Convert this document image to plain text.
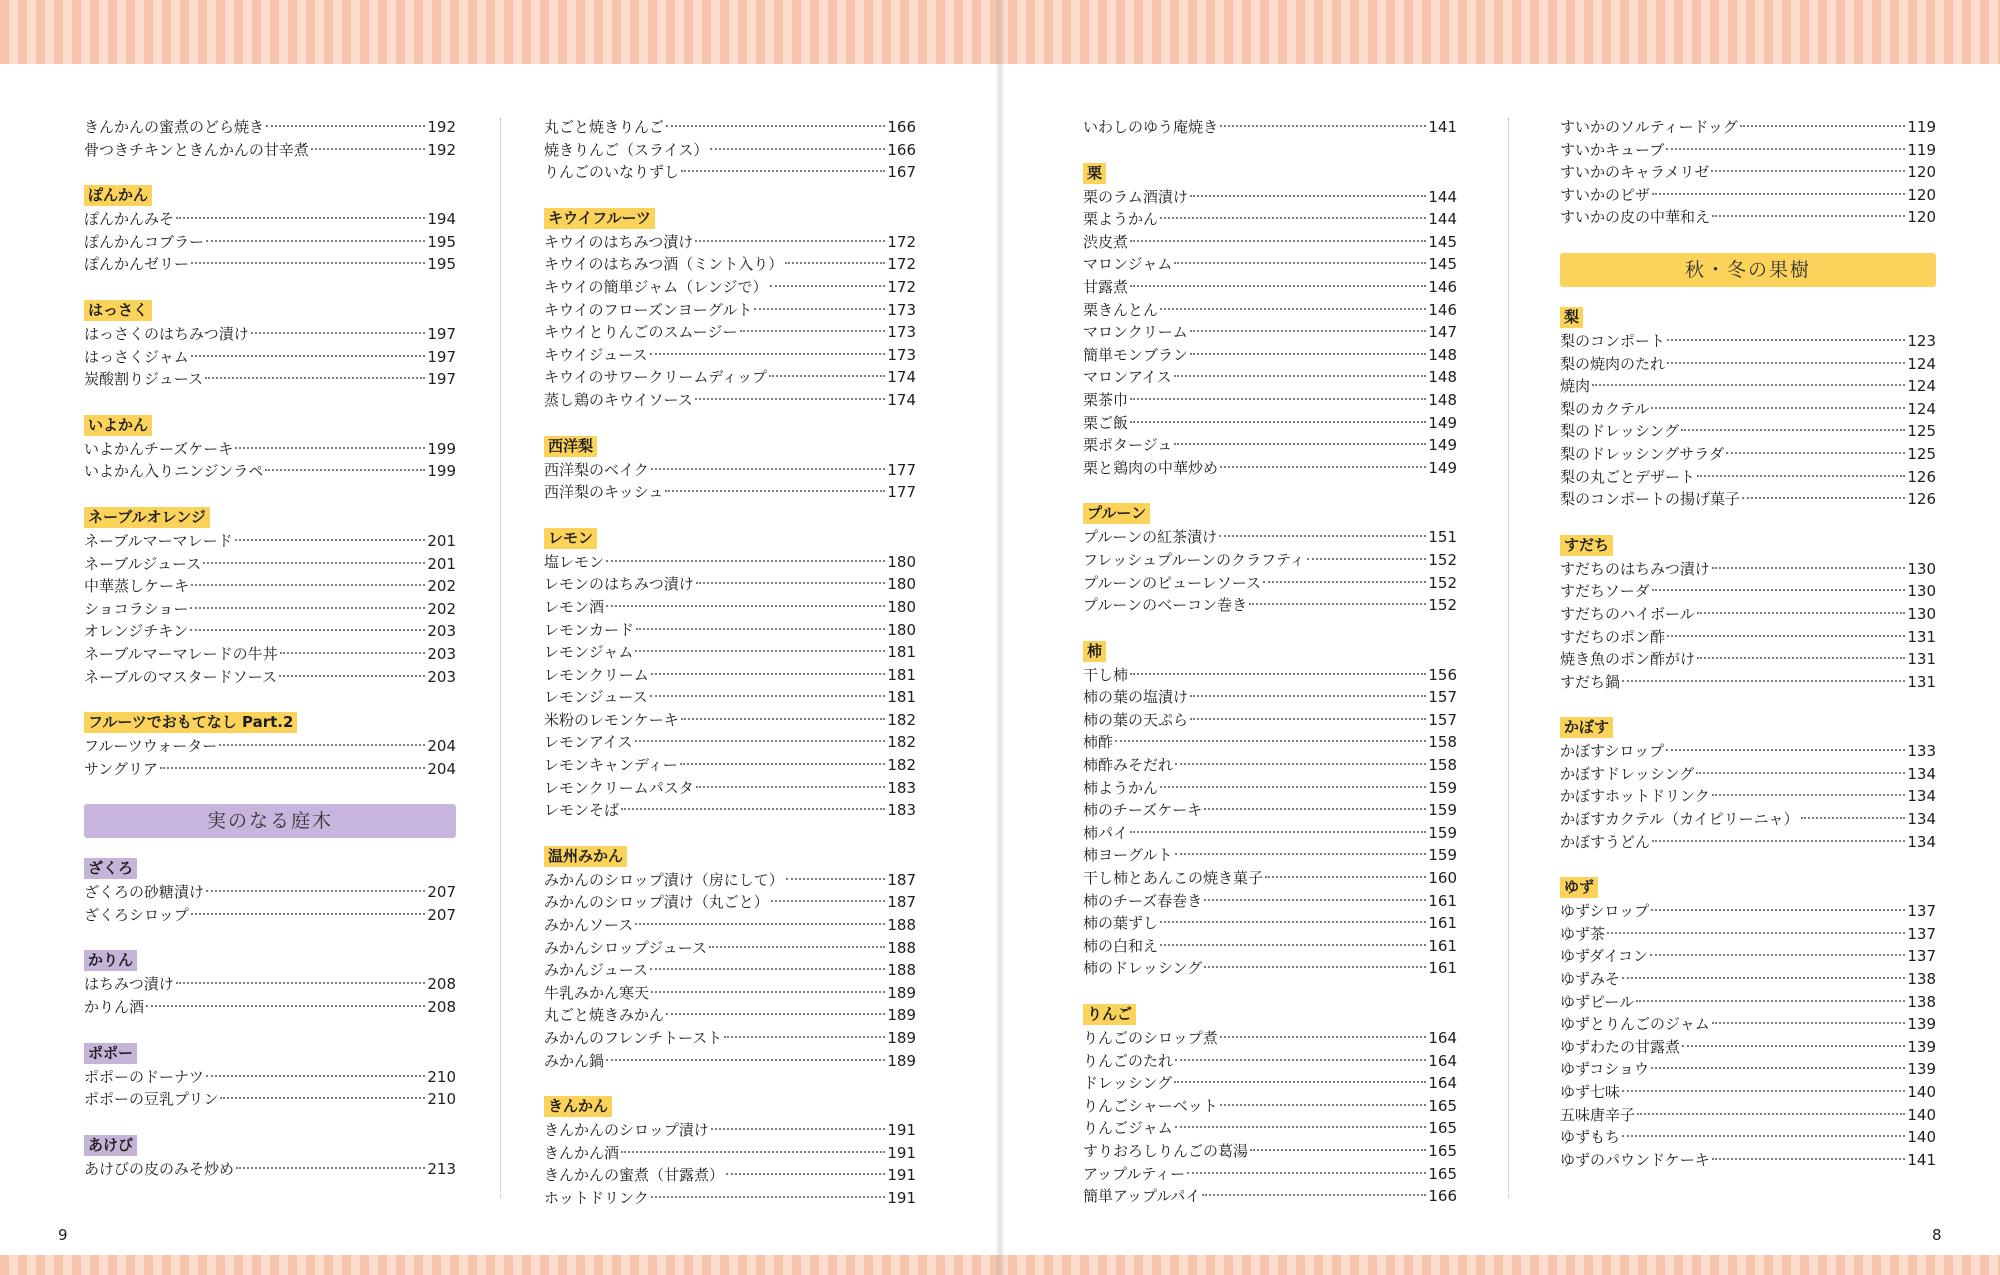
きんかんの蜜煮のどら焼き	192
骨つきチキンときんかんの甘辛煮	192
ぽんかん
ぽんかんみそ	194
ぽんかんコブラー	195
ぽんかんゼリー	195
はっさく
はっさくのはちみつ漬け	197
はっさくジャム	197
炭酸割りジュース	197
いよかん
いよかんチーズケーキ	199
いよかん入りニンジンラペ	199
ネーブルオレンジ
ネーブルマーマレード	201
ネーブルジュース	201
中華蒸しケーキ	202
ショコラショー	202
オレンジチキン	203
ネーブルマーマレードの牛丼	203
ネーブルのマスタードソース	203
フルーツでおもてなし Part.2
フルーツウォーター	204
サングリア	204
実のなる庭木
ざくろ
ざくろの砂糖漬け	207
ざくろシロップ	207
かりん
はちみつ漬け	208
かりん酒	208
ポポー
ポポーのドーナツ	210
ポポーの豆乳プリン	210
あけび
あけびの皮のみそ炒め	213
丸ごと焼きりんご	166
焼きりんご（スライス）	166
りんごのいなりずし	167
キウイフルーツ
キウイのはちみつ漬け	172
キウイのはちみつ酒（ミント入り）	172
キウイの簡単ジャム（レンジで）	172
キウイのフローズンヨーグルト	173
キウイとりんごのスムージー	173
キウイジュース	173
キウイのサワークリームディップ	174
蒸し鶏のキウイソース	174
西洋梨
西洋梨のベイク	177
西洋梨のキッシュ	177
レモン
塩レモン	180
レモンのはちみつ漬け	180
レモン酒	180
レモンカード	180
レモンジャム	181
レモンクリーム	181
レモンジュース	181
米粉のレモンケーキ	182
レモンアイス	182
レモンキャンディー	182
レモンクリームパスタ	183
レモンそば	183
温州みかん
みかんのシロップ漬け（房にして）	187
みかんのシロップ漬け（丸ごと）	187
みかんソース	188
みかんシロップジュース	188
みかんジュース	188
牛乳みかん寒天	189
丸ごと焼きみかん	189
みかんのフレンチトースト	189
みかん鍋	189
きんかん
きんかんのシロップ漬け	191
きんかん酒	191
きんかんの蜜煮（甘露煮）	191
ホットドリンク	191
いわしのゆう庵焼き	141
栗
栗のラム酒漬け	144
栗ようかん	144
渋皮煮	145
マロンジャム	145
甘露煮	146
栗きんとん	146
マロンクリーム	147
簡単モンブラン	148
マロンアイス	148
栗茶巾	148
栗ご飯	149
栗ポタージュ	149
栗と鶏肉の中華炒め	149
プルーン
プルーンの紅茶漬け	151
フレッシュプルーンのクラフティ	152
プルーンのピューレソース	152
プルーンのベーコン巻き	152
柿
干し柿	156
柿の葉の塩漬け	157
柿の葉の天ぷら	157
柿酢	158
柿酢みそだれ	158
柿ようかん	159
柿のチーズケーキ	159
柿パイ	159
柿ヨーグルト	159
干し柿とあんこの焼き菓子	160
柿のチーズ春巻き	161
柿の葉ずし	161
柿の白和え	161
柿のドレッシング	161
りんご
りんごのシロップ煮	164
りんごのたれ	164
ドレッシング	164
りんごシャーベット	165
りんごジャム	165
すりおろしりんごの葛湯	165
アップルティー	165
簡単アップルパイ	166
すいかのソルティードッグ	119
すいかキューブ	119
すいかのキャラメリゼ	120
すいかのピザ	120
すいかの皮の中華和え	120
秋・冬の果樹
梨
梨のコンポート	123
梨の焼肉のたれ	124
焼肉	124
梨のカクテル	124
梨のドレッシング	125
梨のドレッシングサラダ	125
梨の丸ごとデザート	126
梨のコンポートの揚げ菓子	126
すだち
すだちのはちみつ漬け	130
すだちソーダ	130
すだちのハイボール	130
すだちのポン酢	131
焼き魚のポン酢がけ	131
すだち鍋	131
かぼす
かぼすシロップ	133
かぼすドレッシング	134
かぼすホットドリンク	134
かぼすカクテル（カイピリーニャ）	134
かぼすうどん	134
ゆず
ゆずシロップ	137
ゆず茶	137
ゆずダイコン	137
ゆずみそ	138
ゆずピール	138
ゆずとりんごのジャム	139
ゆずわたの甘露煮	139
ゆずコショウ	139
ゆず七味	140
五味唐辛子	140
ゆずもち	140
ゆずのパウンドケーキ	141
9	8
